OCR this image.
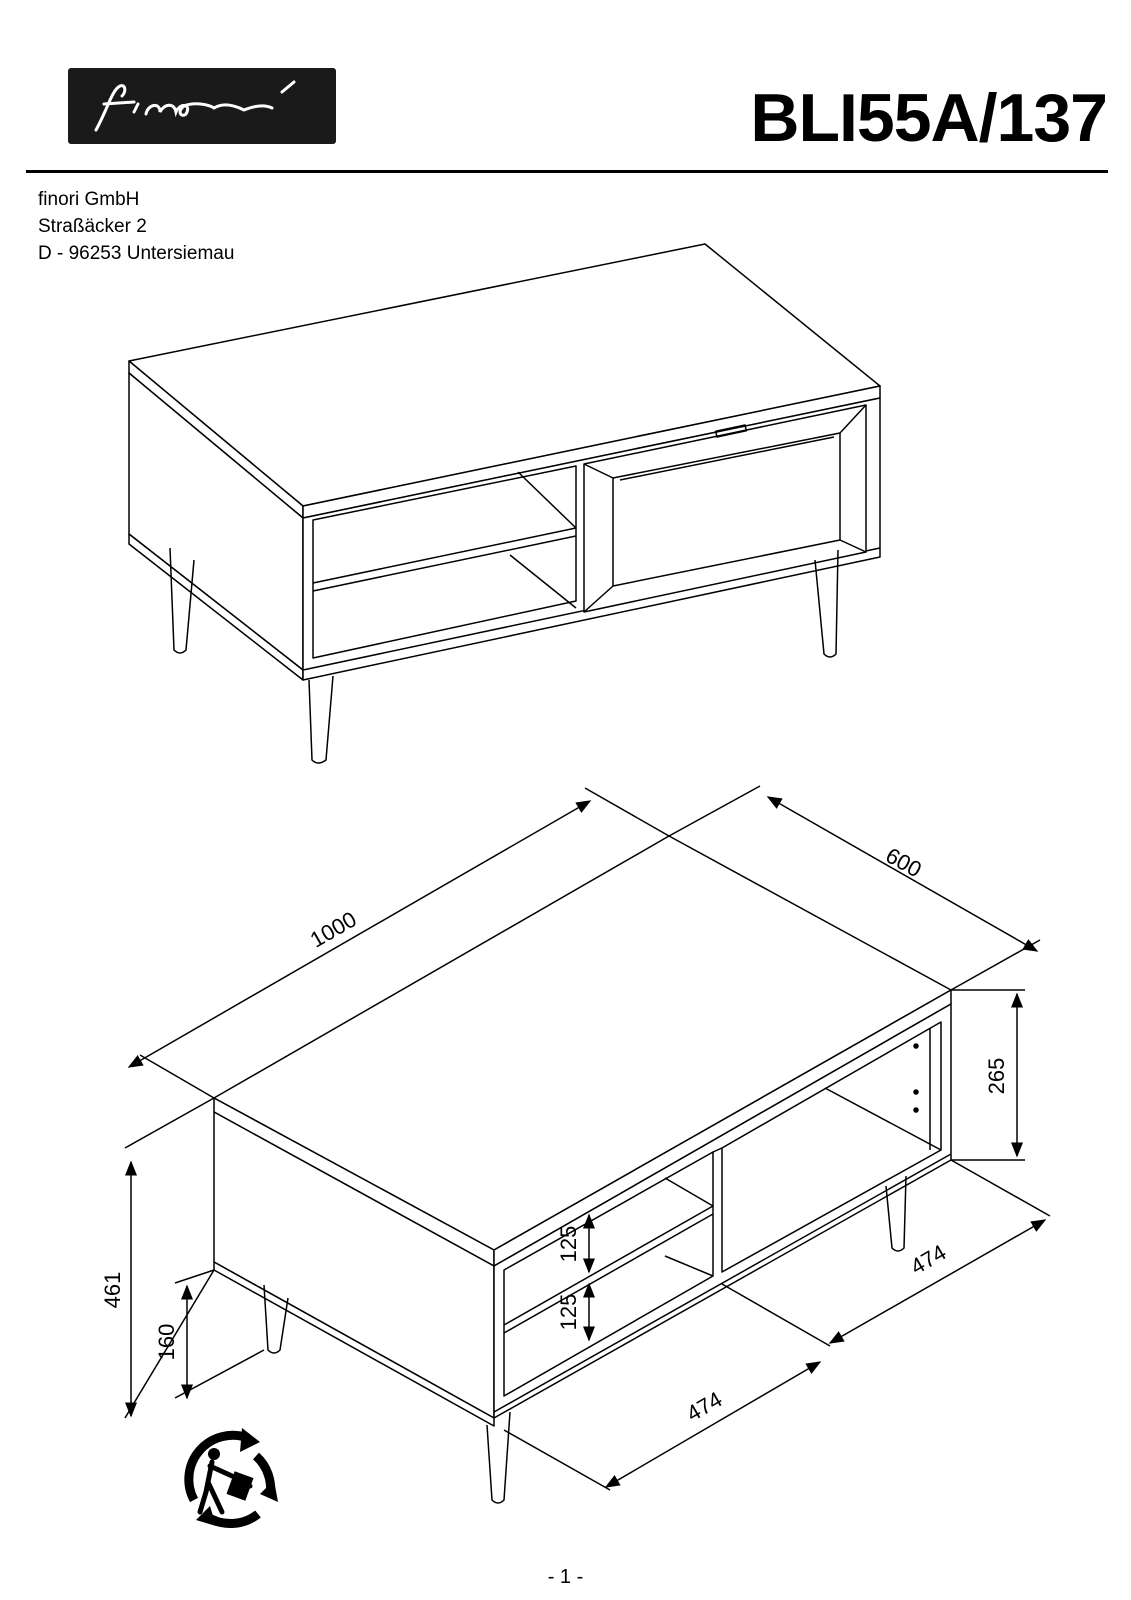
BLI55A/137
finori GmbH
Straßäcker 2
D - 96253 Untersiemau
1000
600
265
461
160
125
125
474
474
- 1 -
